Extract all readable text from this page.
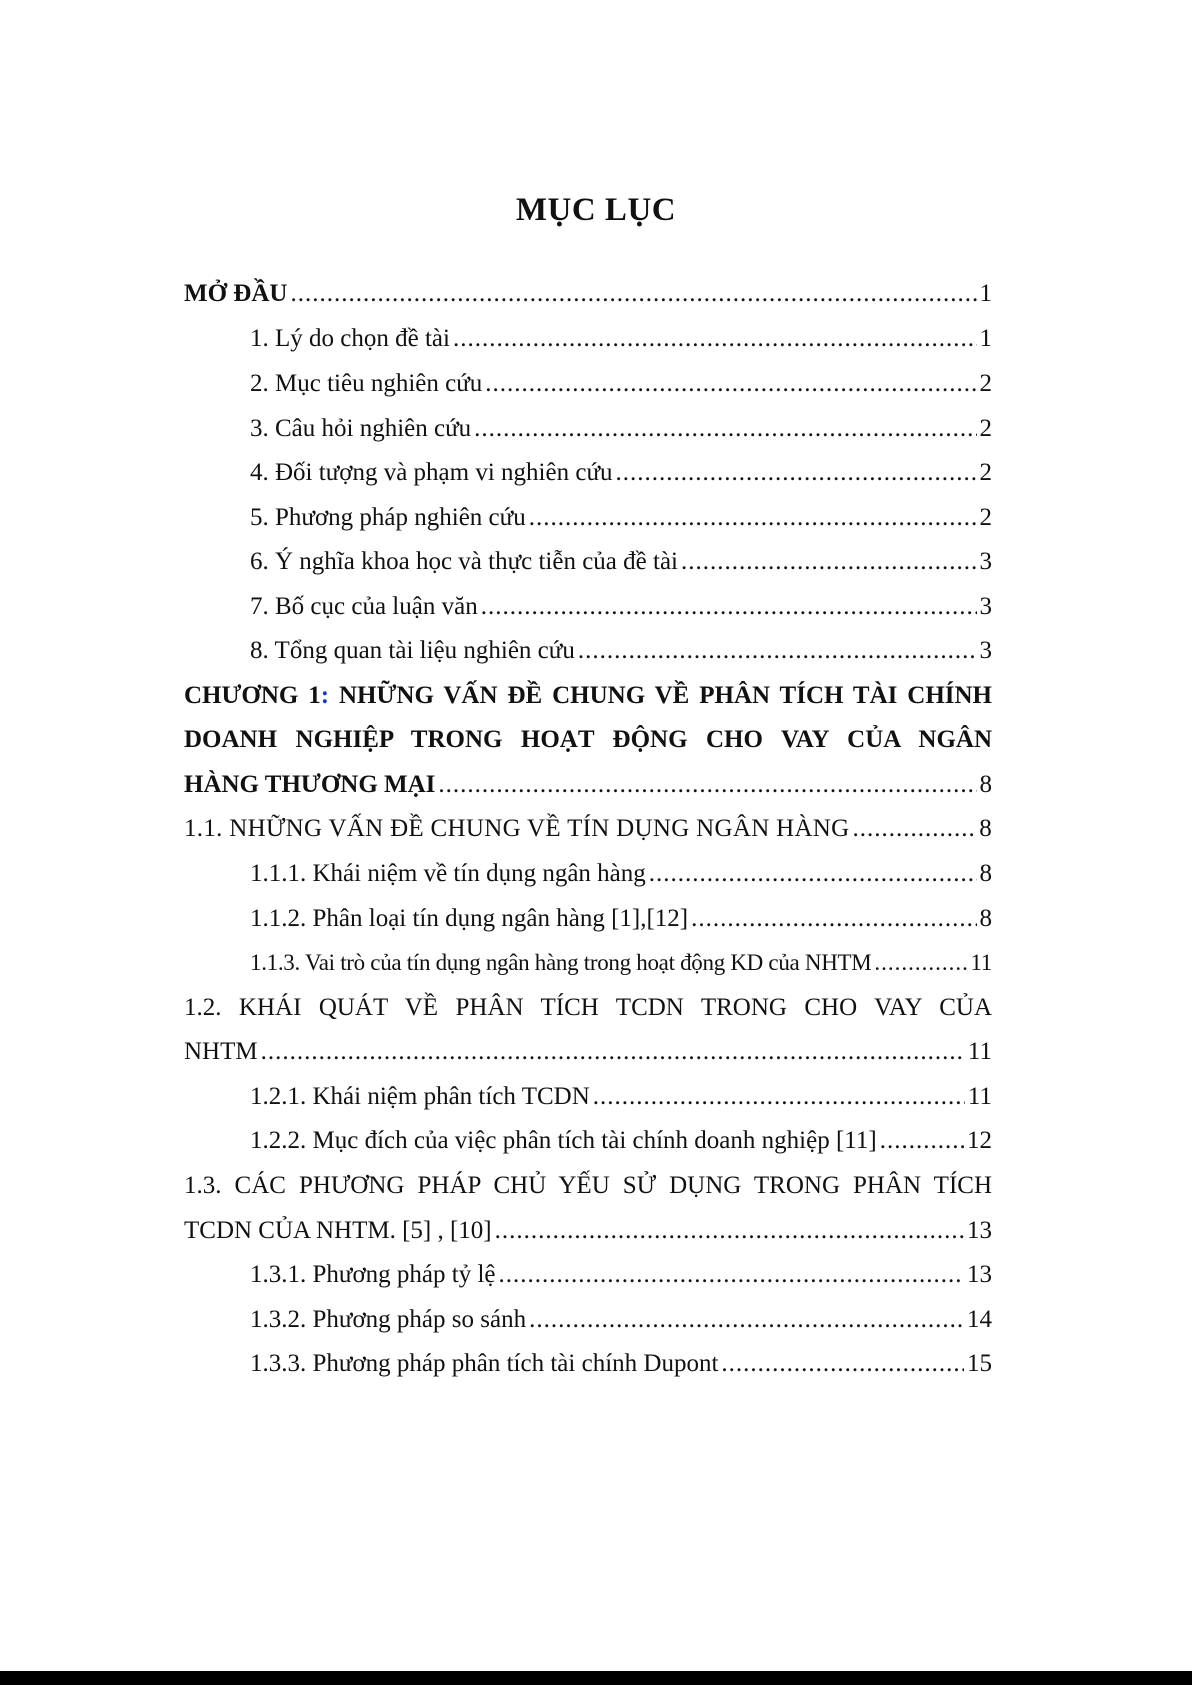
MỤC LỤC
MỞ ĐẦU .....	1
1. Lý do chọn đề tài .....	1
2. Mục tiêu nghiên cứu .....	2
3. Câu hỏi nghiên cứu .....	2
4. Đối tượng và phạm vi nghiên cứu .....	2
5. Phương pháp nghiên cứu .....	2
6. Ý nghĩa khoa học và thực tiễn của đề tài .....	3
7. Bố cục của luận văn .....	3
8. Tổng quan tài liệu nghiên cứu .....	3
CHƯƠNG 1: NHỮNG VẤN ĐỀ CHUNG VỀ PHÂN TÍCH TÀI CHÍNH
DOANH NGHIỆP TRONG HOẠT ĐỘNG CHO VAY CỦA NGÂN
HÀNG THƯƠNG MẠI .....	8
1.1. NHỮNG VẤN ĐỀ CHUNG VỀ TÍN DỤNG NGÂN HÀNG .....	8
1.1.1. Khái niệm về tín dụng ngân hàng .....	8
1.1.2. Phân loại tín dụng ngân hàng [1],[12] .....	8
1.1.3. Vai trò của tín dụng ngân hàng trong hoạt động KD của NHTM .....	11
1.2. KHÁI QUÁT VỀ PHÂN TÍCH TCDN TRONG CHO VAY CỦA
NHTM .....	11
1.2.1. Khái niệm phân tích TCDN .....	11
1.2.2. Mục đích của việc phân tích tài chính doanh nghiệp [11] .....	12
1.3. CÁC PHƯƠNG PHÁP CHỦ YẾU SỬ DỤNG TRONG PHÂN TÍCH
TCDN CỦA NHTM. [5] , [10] .....	13
1.3.1. Phương pháp tỷ lệ .....	13
1.3.2. Phương pháp so sánh .....	14
1.3.3. Phương pháp phân tích tài chính Dupont .....	15
